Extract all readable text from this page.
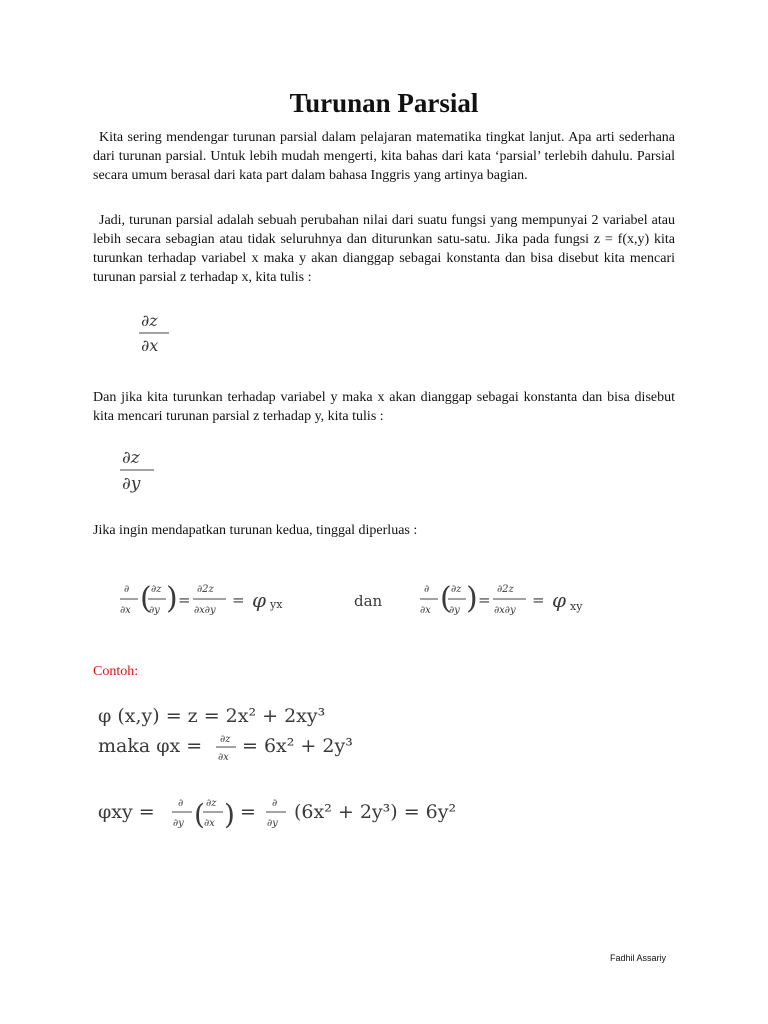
Turunan Parsial
Kita sering mendengar turunan parsial dalam pelajaran matematika tingkat lanjut. Apa arti sederhana dari turunan parsial. Untuk lebih mudah mengerti, kita bahas dari kata ‘parsial’ terlebih dahulu. Parsial secara umum berasal dari kata part dalam bahasa Inggris yang artinya bagian.
Jadi, turunan parsial adalah sebuah perubahan nilai dari suatu fungsi yang mempunyai 2 variabel atau lebih secara sebagian atau tidak seluruhnya dan diturunkan satu-satu. Jika pada fungsi z = f(x,y) kita turunkan terhadap variabel x maka y akan dianggap sebagai konstanta dan bisa disebut kita mencari turunan parsial z terhadap x, kita tulis :
∂z
∂x
Dan jika kita turunkan terhadap variabel y maka x akan dianggap sebagai konstanta dan bisa disebut kita mencari turunan parsial z terhadap y, kita tulis :
∂z
∂y
Jika ingin mendapatkan turunan kedua, tinggal diperluas :
∂
∂x ( ∂z
∂y ) =
∂2z
∂x∂y
= φ yx	dan
∂
∂x ( ∂z
∂y ) =
∂2z
∂x∂y
= φ xy
Contoh:
φ (x,y) = z = 2x² + 2xy³
maka φx = ∂z
∂x
= 6x² + 2y³
φxy = ∂
∂y ( ∂z
∂x ) = ∂
∂y
(6x² + 2y³) = 6y²
Fadhil Assariy
